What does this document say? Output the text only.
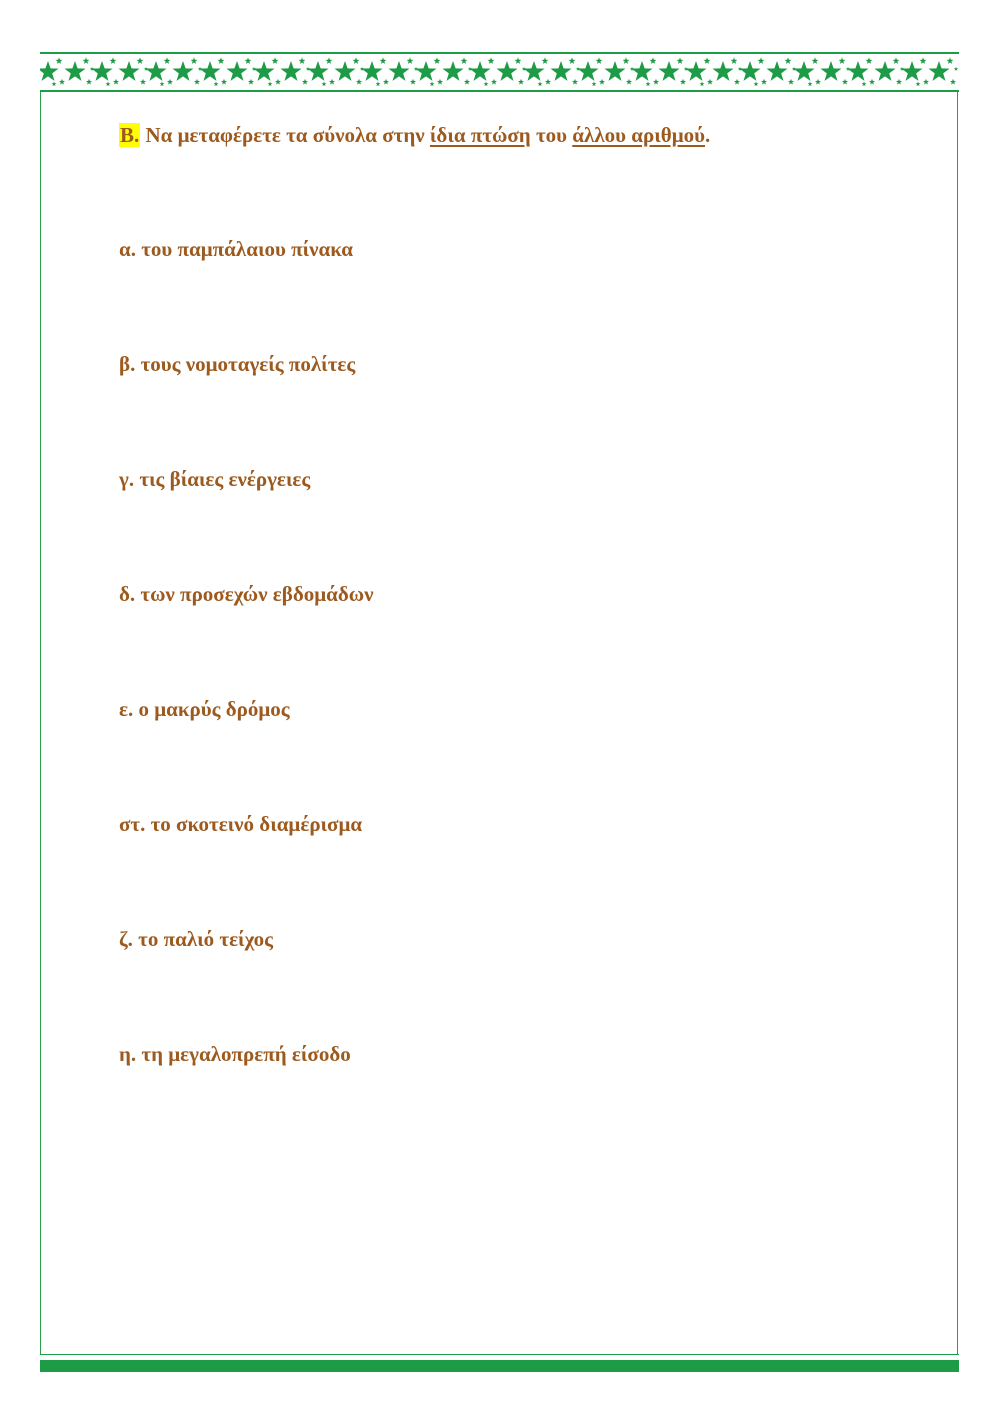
Β. Να μεταφέρετε τα σύνολα στην ίδια πτώση του άλλου αριθμού.
α. του παμπάλαιου πίνακα
β. τους νομοταγείς πολίτες
γ. τις βίαιες ενέργειες
δ. των προσεχών εβδομάδων
ε. ο μακρύς δρόμος
στ. το σκοτεινό διαμέρισμα
ζ. το παλιό τείχος
η. τη μεγαλοπρεπή είσοδο
